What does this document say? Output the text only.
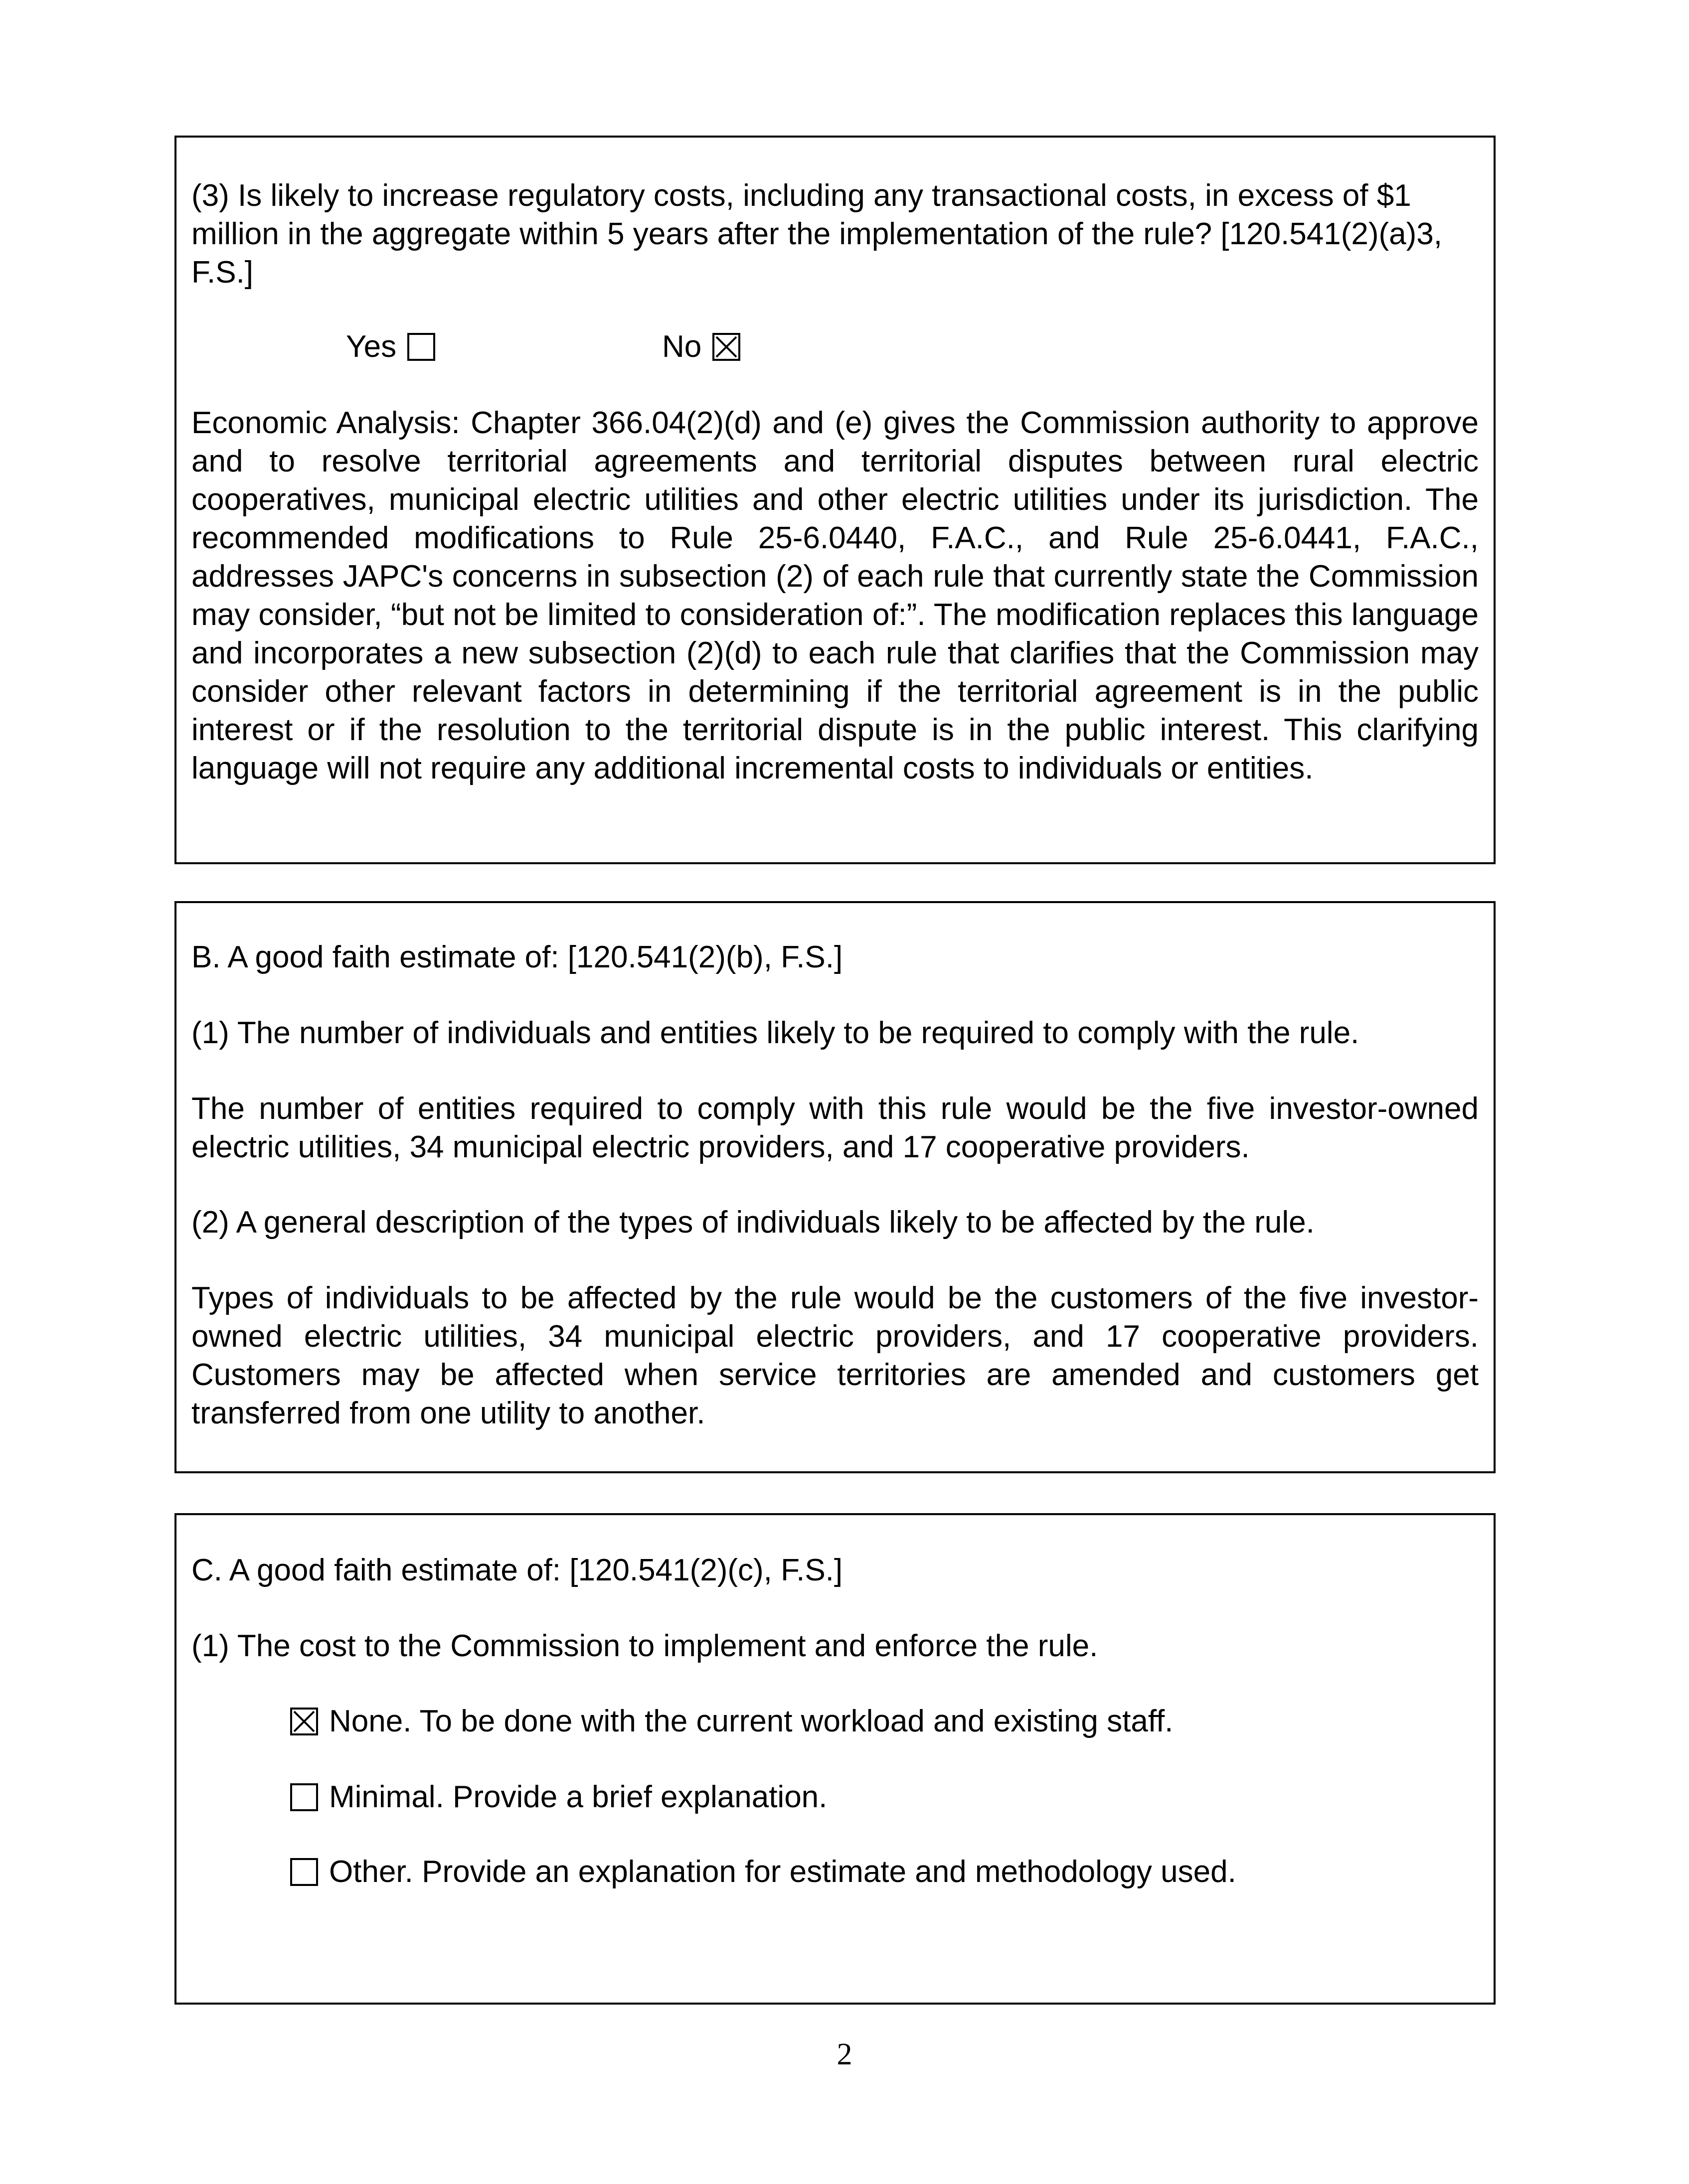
(3) Is likely to increase regulatory costs, including any transactional costs, in excess of $1 million in the aggregate within 5 years after the implementation of the rule? [120.541(2)(a)3, F.S.]

Yes	No

Economic Analysis: Chapter 366.04(2)(d) and (e) gives the Commission authority to approve and to resolve territorial agreements and territorial disputes between rural electric cooperatives, municipal electric utilities and other electric utilities under its jurisdiction. The recommended modifications to Rule 25-6.0440, F.A.C., and Rule 25-6.0441, F.A.C., addresses JAPC's concerns in subsection (2) of each rule that currently state the Commission may consider, “but not be limited to consideration of:”. The modification replaces this language and incorporates a new subsection (2)(d) to each rule that clarifies that the Commission may consider other relevant factors in determining if the territorial agreement is in the public interest or if the resolution to the territorial dispute is in the public interest. This clarifying language will not require any additional incremental costs to individuals or entities.

B. A good faith estimate of: [120.541(2)(b), F.S.]

(1) The number of individuals and entities likely to be required to comply with the rule.

The number of entities required to comply with this rule would be the five investor-owned electric utilities, 34 municipal electric providers, and 17 cooperative providers.

(2) A general description of the types of individuals likely to be affected by the rule.

Types of individuals to be affected by the rule would be the customers of the five investor-owned electric utilities, 34 municipal electric providers, and 17 cooperative providers. Customers may be affected when service territories are amended and customers get transferred from one utility to another.

C. A good faith estimate of: [120.541(2)(c), F.S.]

(1) The cost to the Commission to implement and enforce the rule.

None. To be done with the current workload and existing staff.
Minimal. Provide a brief explanation.
Other. Provide an explanation for estimate and methodology used.
2
